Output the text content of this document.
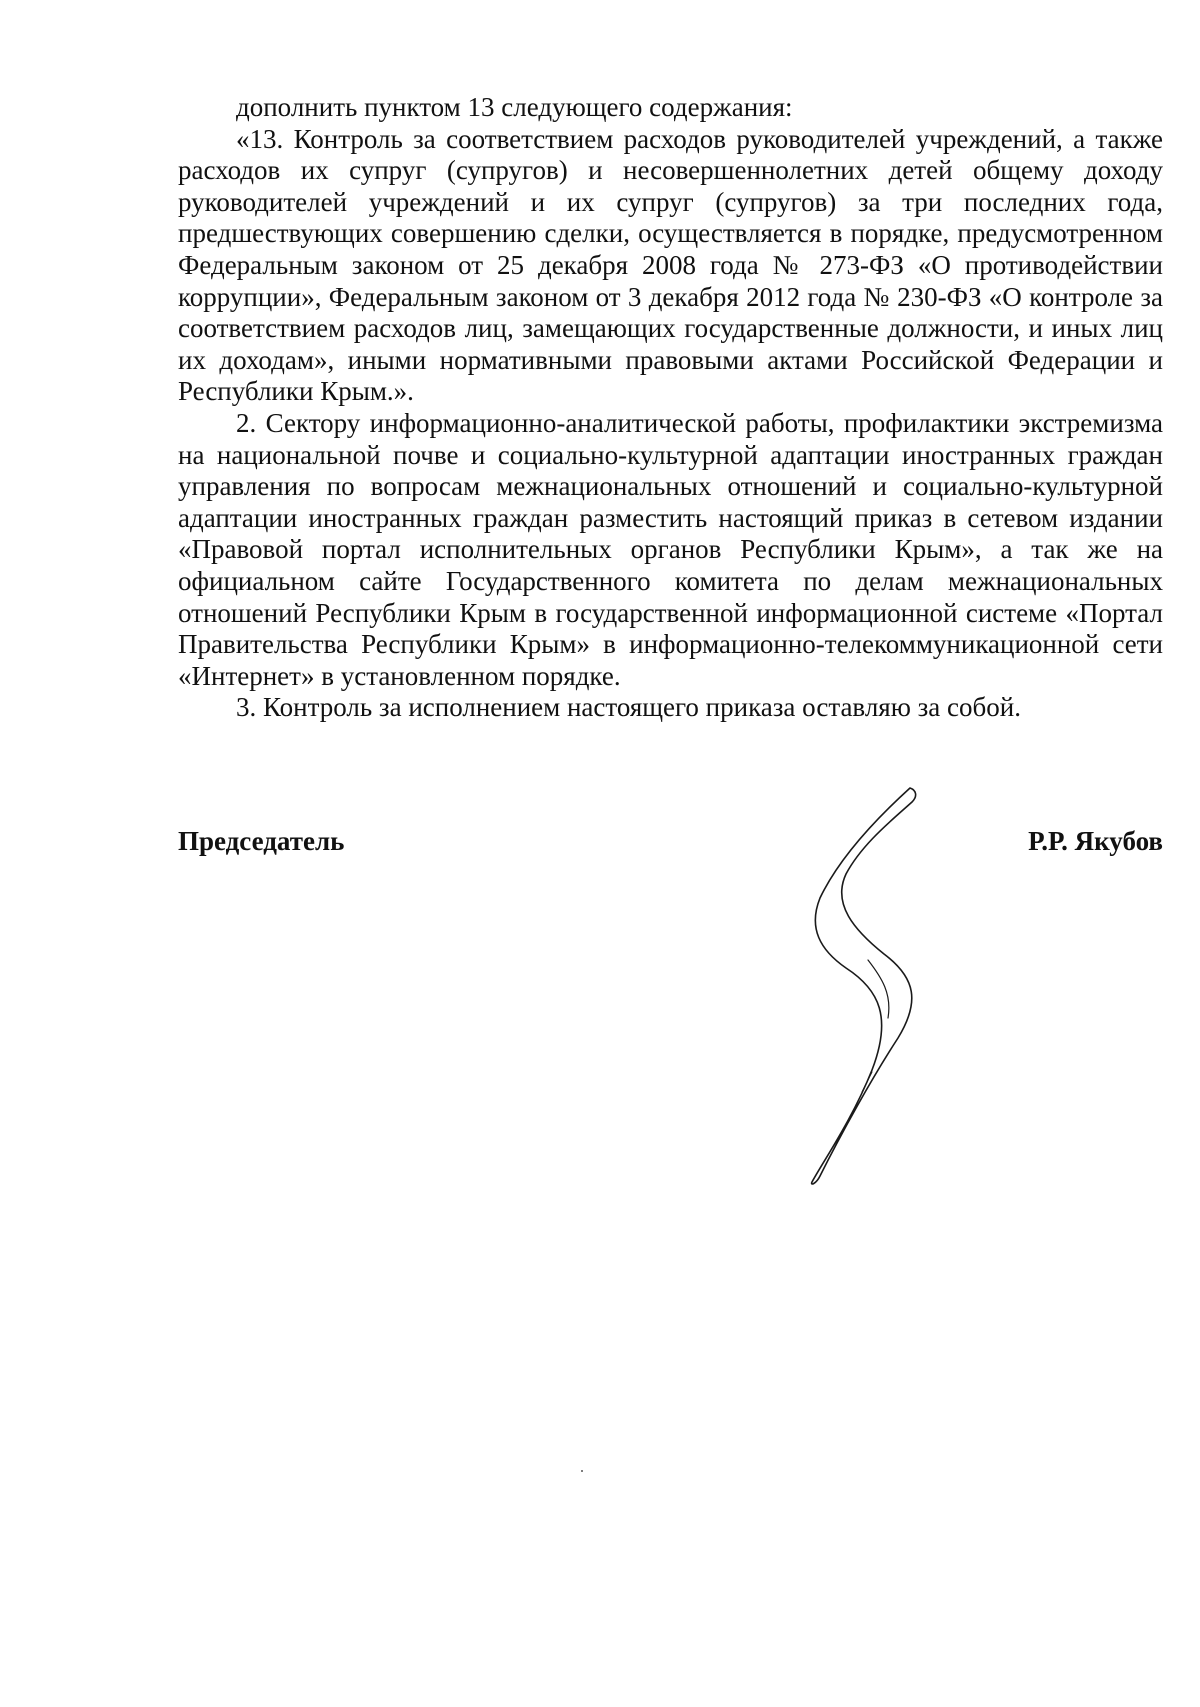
дополнить пунктом 13 следующего содержания:

«13. Контроль за соответствием расходов руководителей учреждений, а также расходов их супруг (супругов) и несовершеннолетних детей общему доходу руководителей учреждений и их супруг (супругов) за три последних года, предшествующих совершению сделки, осуществляется в порядке, предусмотренном Федеральным законом от 25 декабря 2008 года № 273-ФЗ «О противодействии коррупции», Федеральным законом от 3 декабря 2012 года № 230-ФЗ «О контроле за соответствием расходов лиц, замещающих государственные должности, и иных лиц их доходам», иными нормативными правовыми актами Российской Федерации и Республики Крым.».

2. Сектору информационно-аналитической работы, профилактики экстремизма на национальной почве и социально-культурной адаптации иностранных граждан управления по вопросам межнациональных отношений и социально-культурной адаптации иностранных граждан разместить настоящий приказ в сетевом издании «Правовой портал исполнительных органов Республики Крым», а так же на официальном сайте Государственного комитета по делам межнациональных отношений Республики Крым в государственной информационной системе «Портал Правительства Республики Крым» в информационно-телекоммуникационной сети «Интернет» в установленном порядке.

3. Контроль за исполнением настоящего приказа оставляю за собой.

Председатель	Р.Р. Якубов
